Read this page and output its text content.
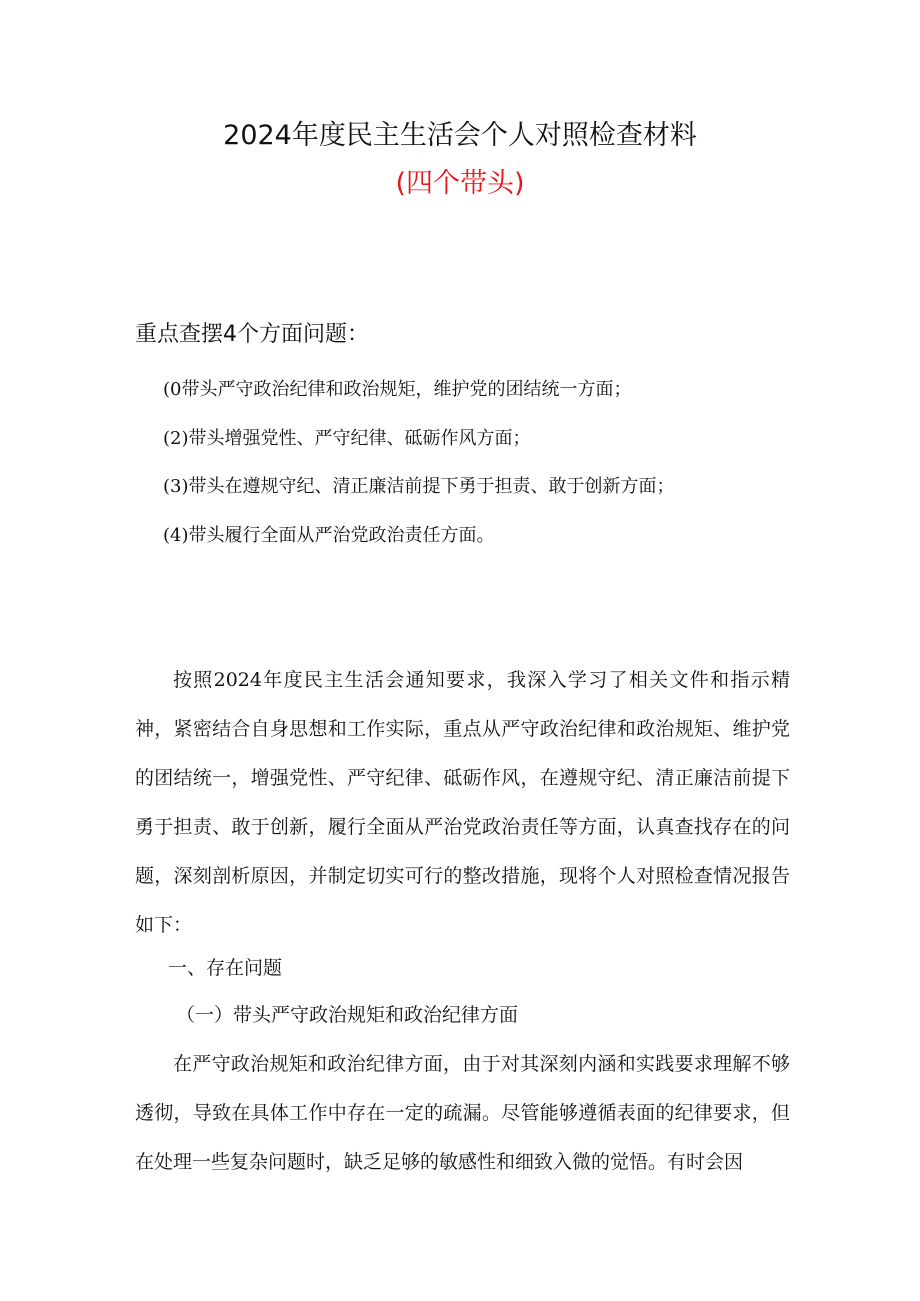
2024年度民主生活会个人对照检查材料
(四个带头)
重点查摆4个方面问题：
(0带头严守政治纪律和政治规矩，维护党的团结统一方面；
(2)带头增强党性、严守纪律、砥砺作风方面；
(3)带头在遵规守纪、清正廉洁前提下勇于担责、敢于创新方面；
(4)带头履行全面从严治党政治责任方面。

按照2024年度民主生活会通知要求，我深入学习了相关文件和指示精神，紧密结合自身思想和工作实际，重点从严守政治纪律和政治规矩、维护党的团结统一，增强党性、严守纪律、砥砺作风，在遵规守纪、清正廉洁前提下勇于担责、敢于创新，履行全面从严治党政治责任等方面，认真查找存在的问题，深刻剖析原因，并制定切实可行的整改措施，现将个人对照检查情况报告如下：

一、存在问题
（一）带头严守政治规矩和政治纪律方面

在严守政治规矩和政治纪律方面，由于对其深刻内涵和实践要求理解不够透彻，导致在具体工作中存在一定的疏漏。尽管能够遵循表面的纪律要求，但在处理一些复杂问题时，缺乏足够的敏感性和细致入微的觉悟。有时会因
